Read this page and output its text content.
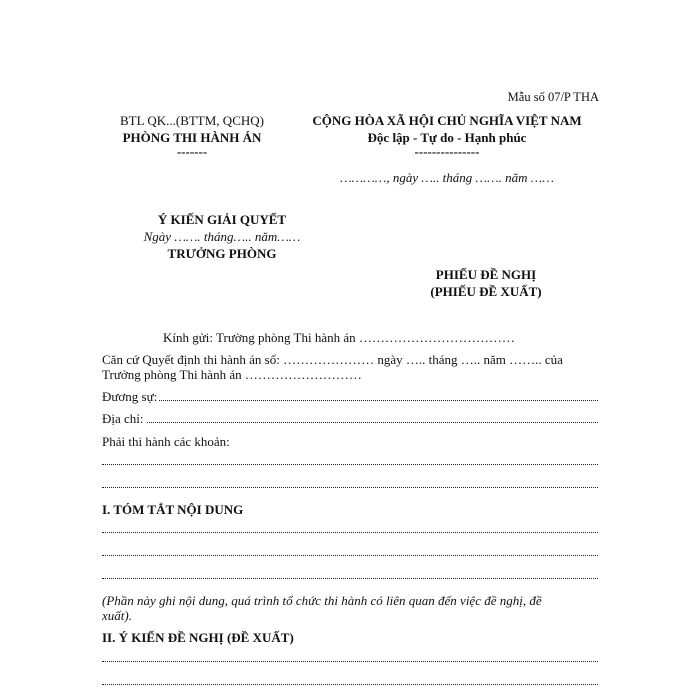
Mẫu số 07/P THA
BTL QK...(BTTM, QCHQ)
PHÒNG THI HÀNH ÁN
-------
CỘNG HÒA XÃ HỘI CHỦ NGHĨA VIỆT NAM
Độc lập - Tự do - Hạnh phúc
---------------
…………, ngày ….. tháng ……. năm ……
Ý KIẾN GIẢI QUYẾT
Ngày ……. tháng….. năm……
TRƯỞNG PHÒNG
PHIẾU ĐỀ NGHỊ
(PHIẾU ĐỀ XUẤT)
Kính gửi: Trường phòng Thi hành án ………………………………
Căn cứ Quyết định thi hành án số: ………………… ngày ….. tháng ….. năm …….. của
Trưởng phòng Thi hành án ………………………
Đương sự:
Địa chỉ:
Phải thi hành các khoản:
I. TÓM TẮT NỘI DUNG
(Phần này ghi nội dung, quá trình tổ chức thi hành có liên quan đến việc đề nghị, đề
xuất).
II. Ý KIẾN ĐỀ NGHỊ (ĐỀ XUẤT)
